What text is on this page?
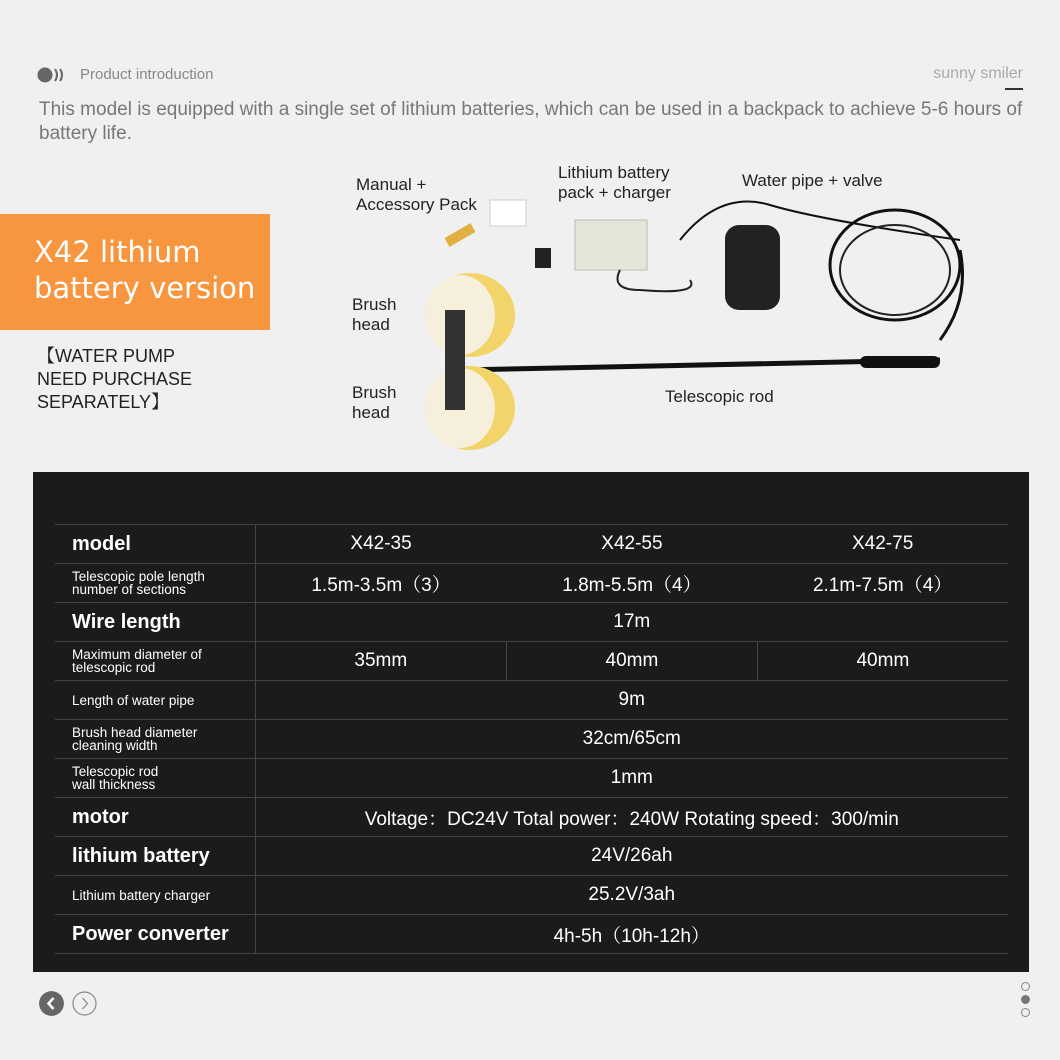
Product introduction	sunny smiler
This model is equipped with a single set of lithium batteries, which can be used in a backpack to achieve 5-6 hours of battery life.
X42 lithium
battery version
【WATER PUMP
NEED PURCHASE
SEPARATELY】
Manual +
Accessory Pack
Lithium battery
pack + charger
Water pipe + valve
Brush
head
Brush
head
Telescopic rod
model	X42-35	X42-55	X42-75

Telescopic pole length
number of sections	1.5m-3.5m（3）	1.8m-5.5m（4）	2.1m-7.5m（4）
Wire length	17m		

Maximum diameter of
telescopic rod	35mm	40mm	40mm
Length of water pipe	9m		

Brush head diameter
cleaning width	32cm/65cm		

Telescopic rod
wall thickness	1mm		
motor	Voltage：DC24V Total power：240W Rotating speed：300/min		
lithium battery	24V/26ah		
Lithium battery charger	25.2V/3ah		
Power converter	4h-5h（10h-12h）		
